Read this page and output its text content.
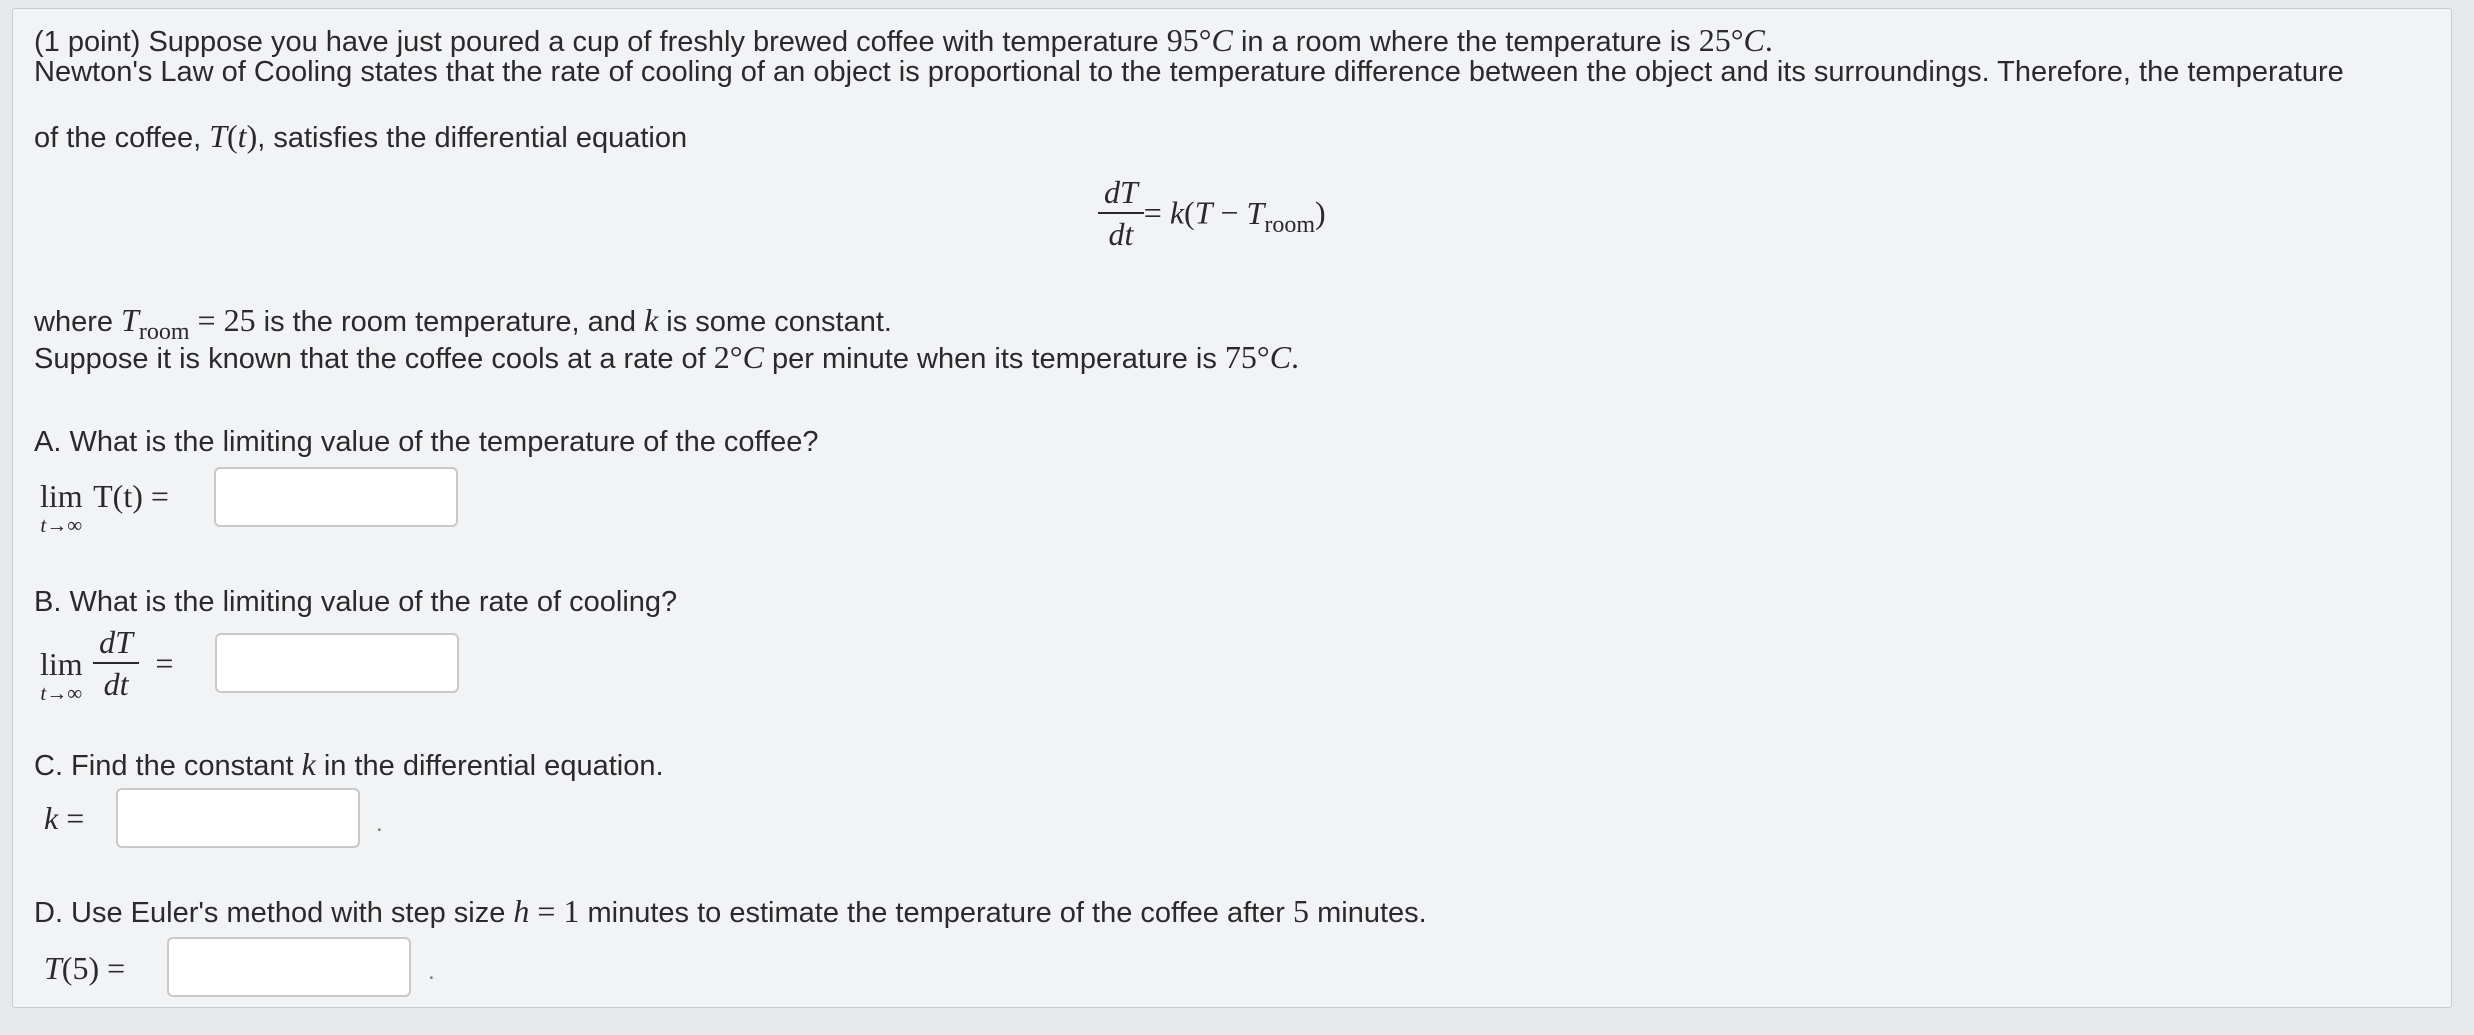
(1 point) Suppose you have just poured a cup of freshly brewed coffee with temperature 95°C in a room where the temperature is 25°C.
Newton's Law of Cooling states that the rate of cooling of an object is proportional to the temperature difference between the object and its surroundings. Therefore, the temperature
of the coffee, T(t), satisfies the differential equation
$\frac{dT}{dt} = k(T$ − Troom)
where $T_{room} = 25$ is the room temperature, and k is some constant.
Suppose it is known that the coffee cools at a rate of 2°C per minute when its temperature is 75°C.
A. What is the limiting value of the temperature of the coffee?
lim
t→∞
T(t) =
B. What is the limiting value of the rate of cooling?
lim
t→∞
$\frac{dT}{dt}$ =
C. Find the constant k in the differential equation.
k =	.
D. Use Euler's method with step size h = 1 minutes to estimate the temperature of the coffee after 5 minutes.
T(5) =	.
